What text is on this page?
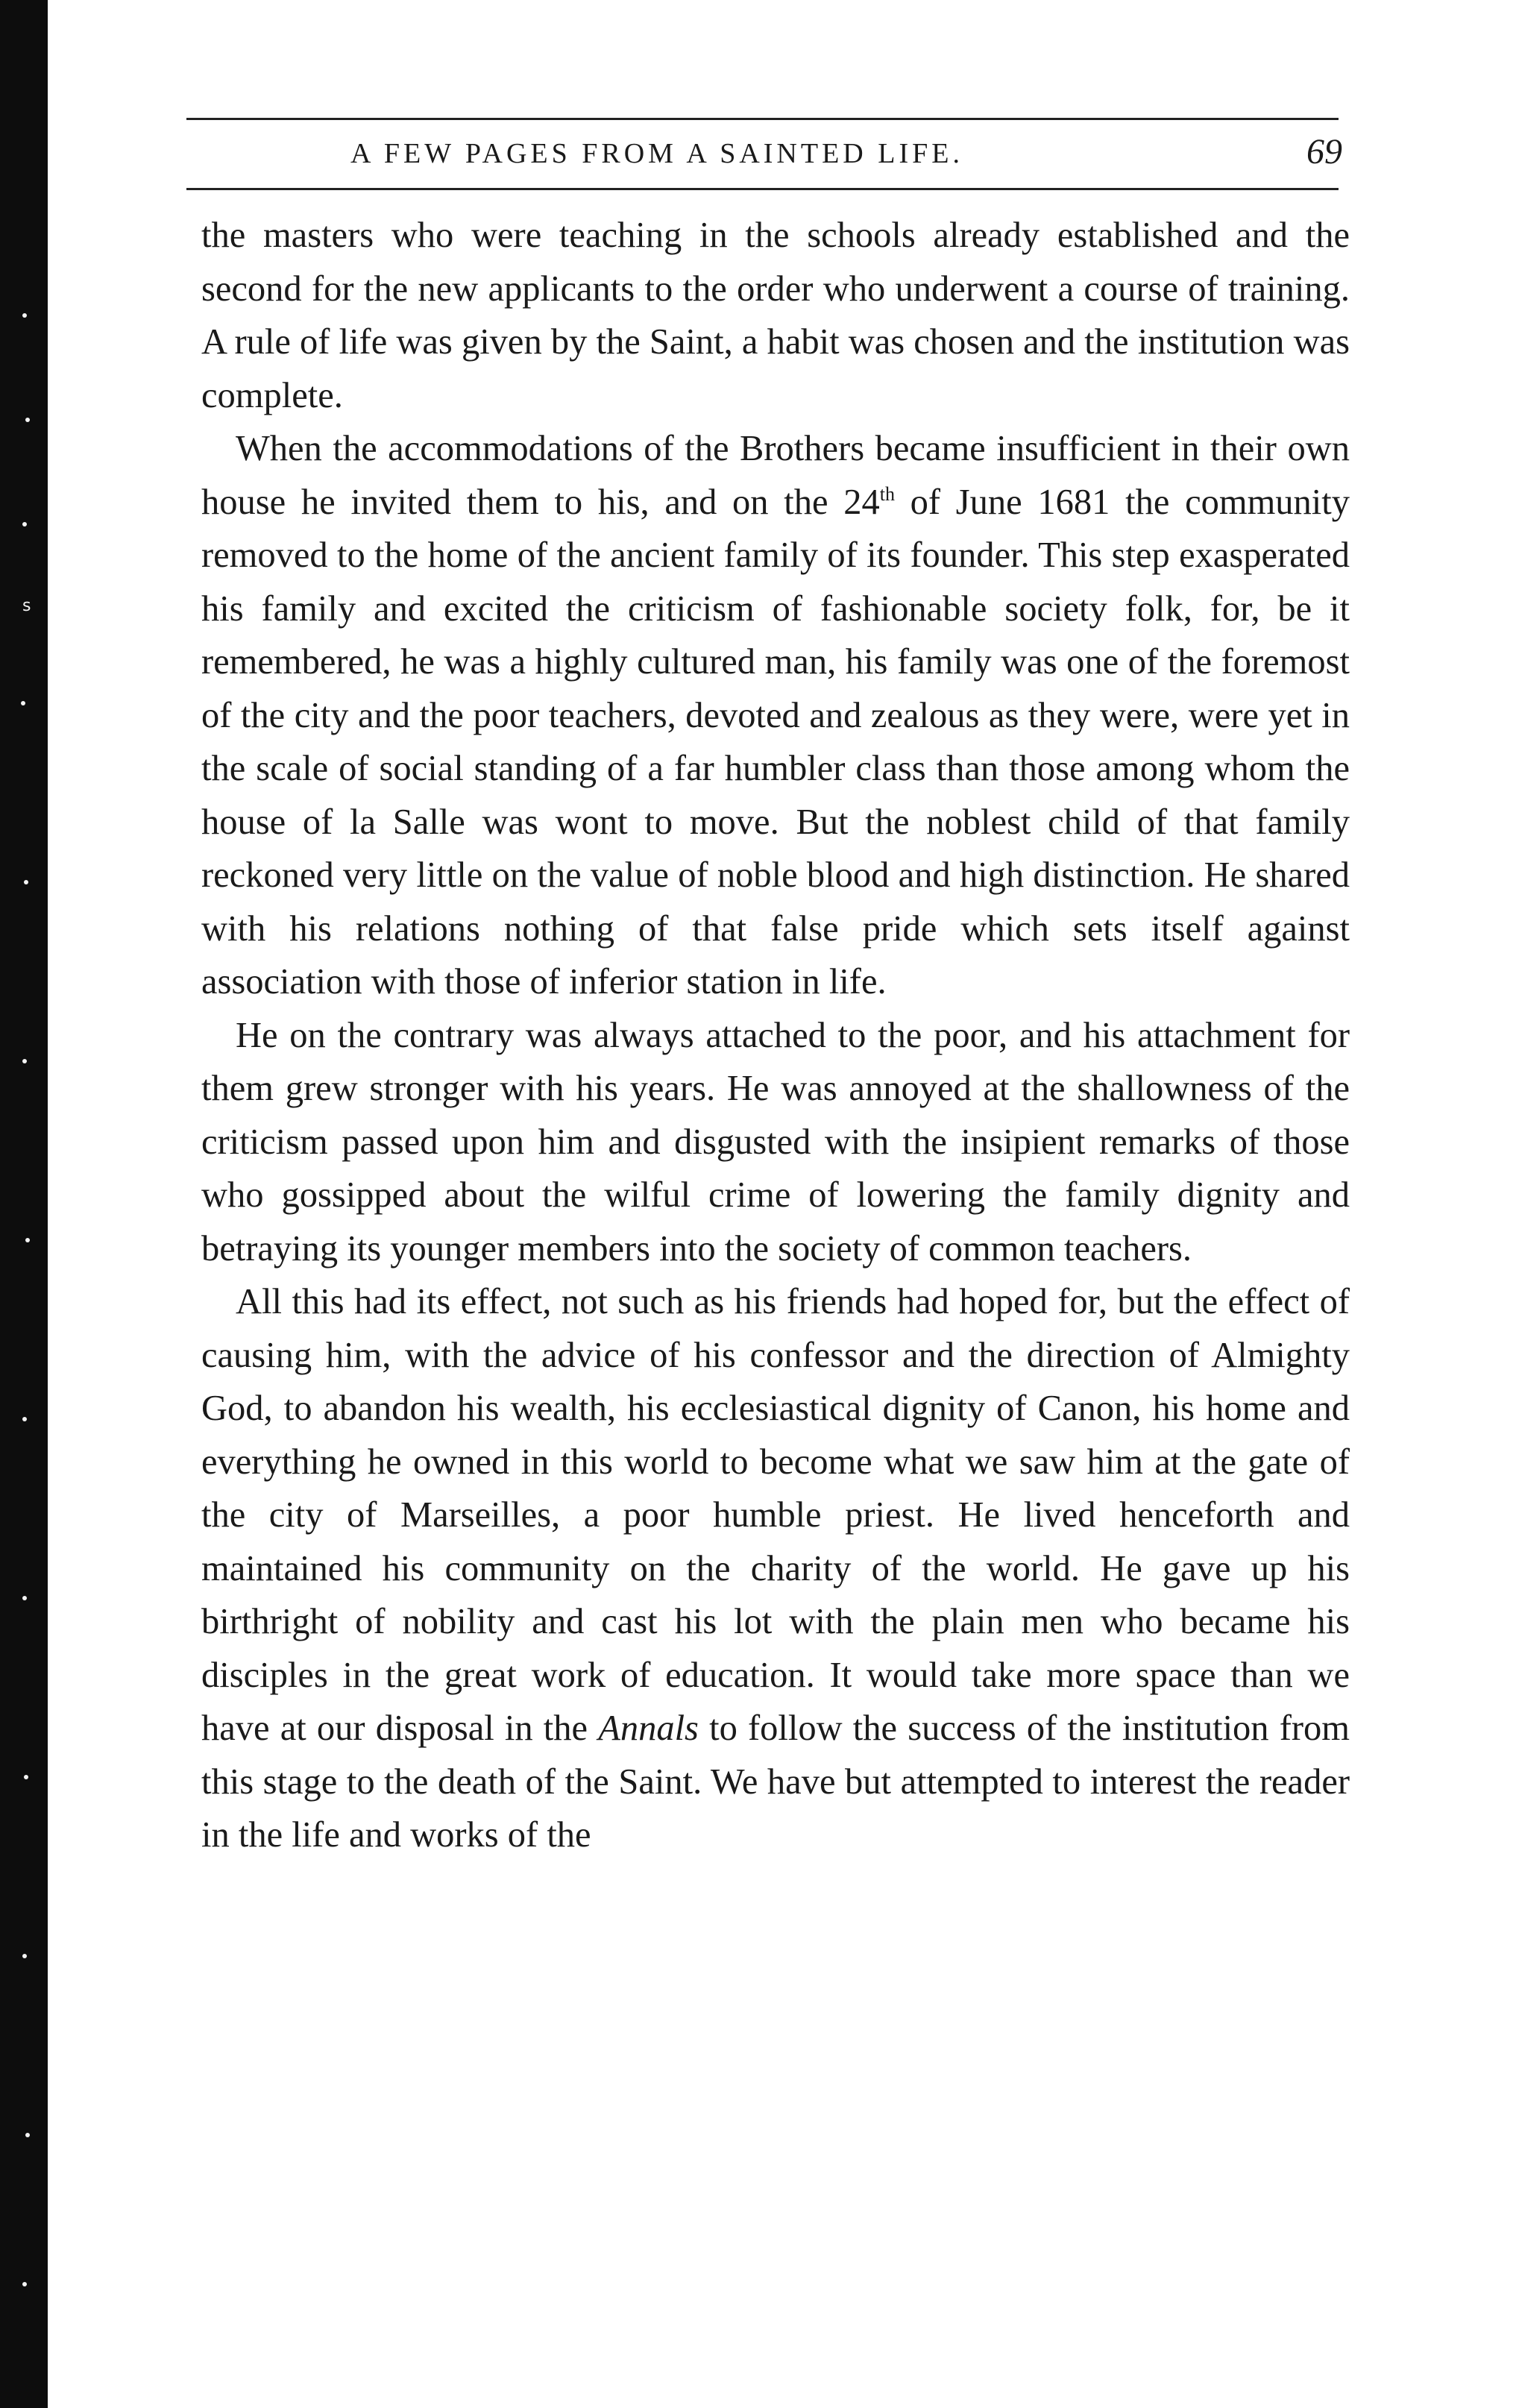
s
A FEW PAGES FROM A SAINTED LIFE.	69

the masters who were teaching in the schools already established and the second for the new applicants to the order who underwent a course of training. A rule of life was given by the Saint, a habit was chosen and the institution was complete.

When the accommodations of the Brothers became insufficient in their own house he invited them to his, and on the 24th of June 1681 the community removed to the home of the ancient family of its founder. This step exasperated his family and excited the criticism of fashionable society folk, for, be it remembered, he was a highly cultured man, his family was one of the foremost of the city and the poor teachers, devoted and zealous as they were, were yet in the scale of social standing of a far humbler class than those among whom the house of la Salle was wont to move. But the noblest child of that family reckoned very little on the value of noble blood and high distinction. He shared with his relations nothing of that false pride which sets itself against association with those of inferior station in life.

He on the contrary was always attached to the poor, and his attachment for them grew stronger with his years. He was annoyed at the shallowness of the criticism passed upon him and disgusted with the insipient remarks of those who gossipped about the wilful crime of lowering the family dignity and betraying its younger members into the society of common teachers.

All this had its effect, not such as his friends had hoped for, but the effect of causing him, with the advice of his confessor and the direction of Almighty God, to abandon his wealth, his ecclesiastical dignity of Canon, his home and everything he owned in this world to become what we saw him at the gate of the city of Marseilles, a poor humble priest. He lived henceforth and maintained his community on the charity of the world. He gave up his birthright of nobility and cast his lot with the plain men who became his disciples in the great work of education. It would take more space than we have at our disposal in the Annals to follow the success of the institution from this stage to the death of the Saint. We have but attempted to interest the reader in the life and works of the
